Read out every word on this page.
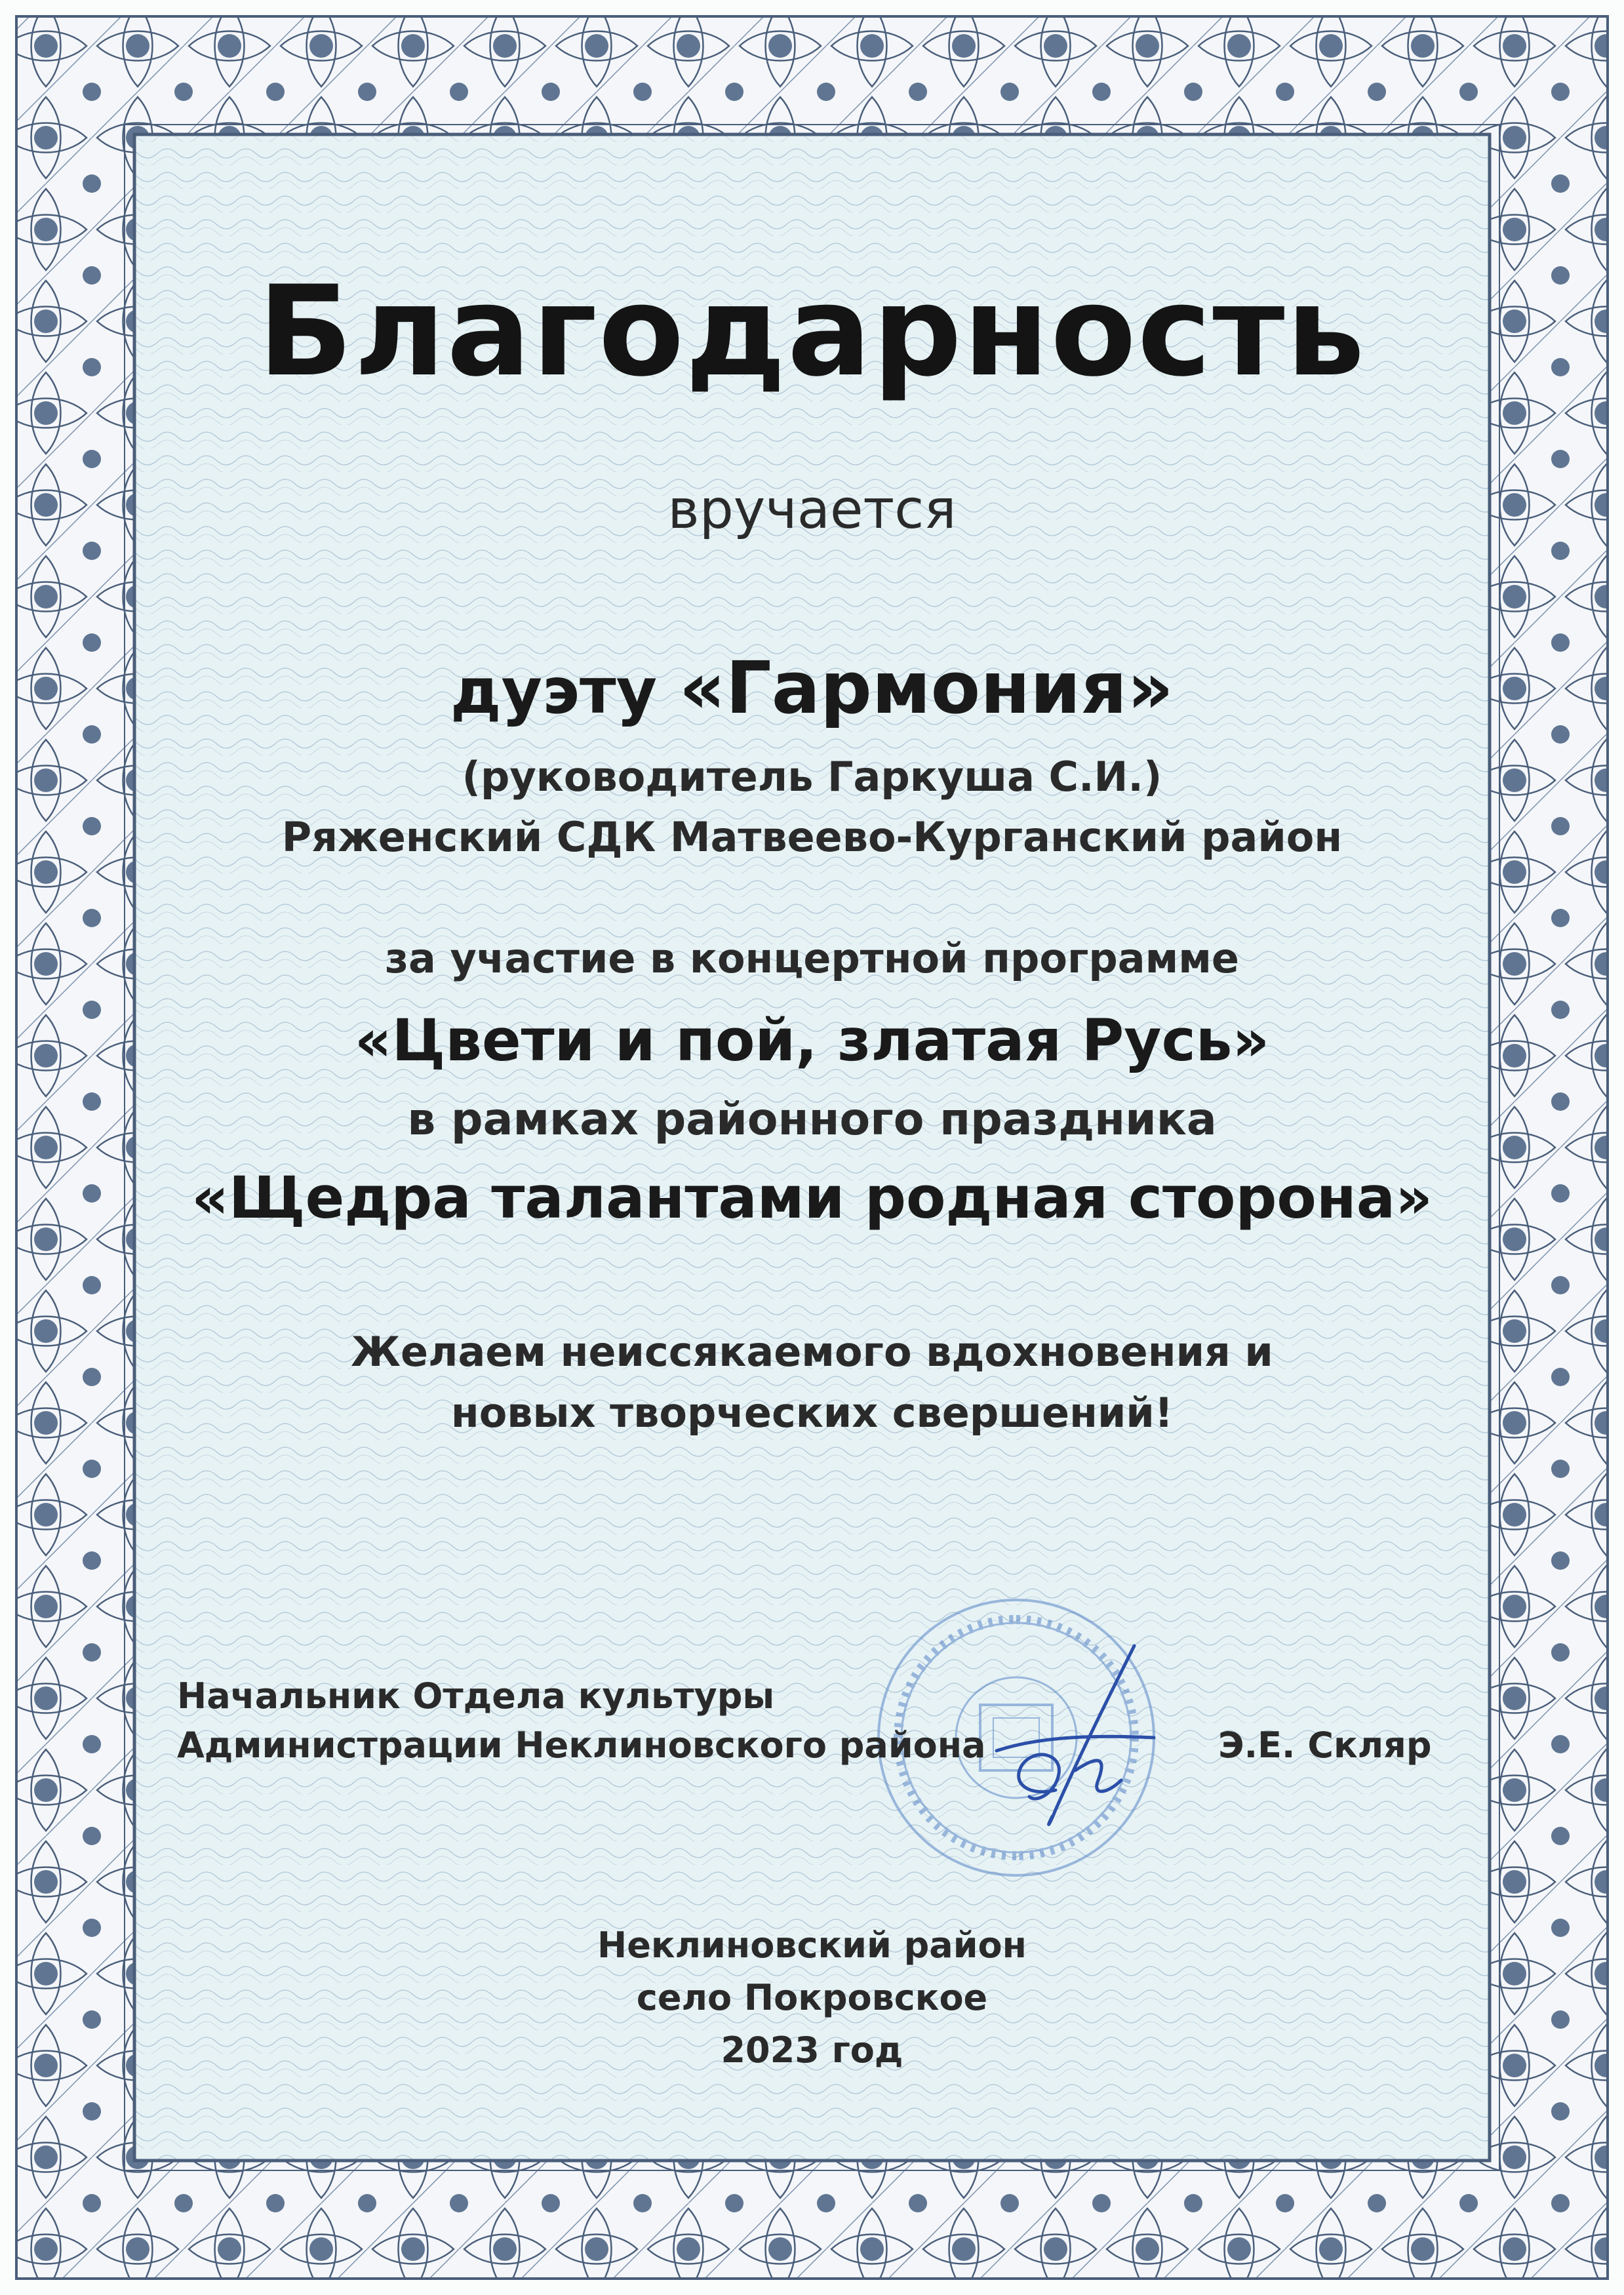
Благодарность
вручается
дуэту «Гармония»
(руководитель Гаркуша С.И.)
Ряженский СДК Матвеево-Курганский район
за участие в концертной программе
«Цвети и пой, златая Русь»
в рамках районного праздника
«Щедра талантами родная сторона»
Желаем неиссякаемого вдохновения и
новых творческих свершений!
Начальник Отдела культуры
Администрации Неклиновского района	Э.Е. Скляр
Неклиновский район
село Покровское
2023 год
